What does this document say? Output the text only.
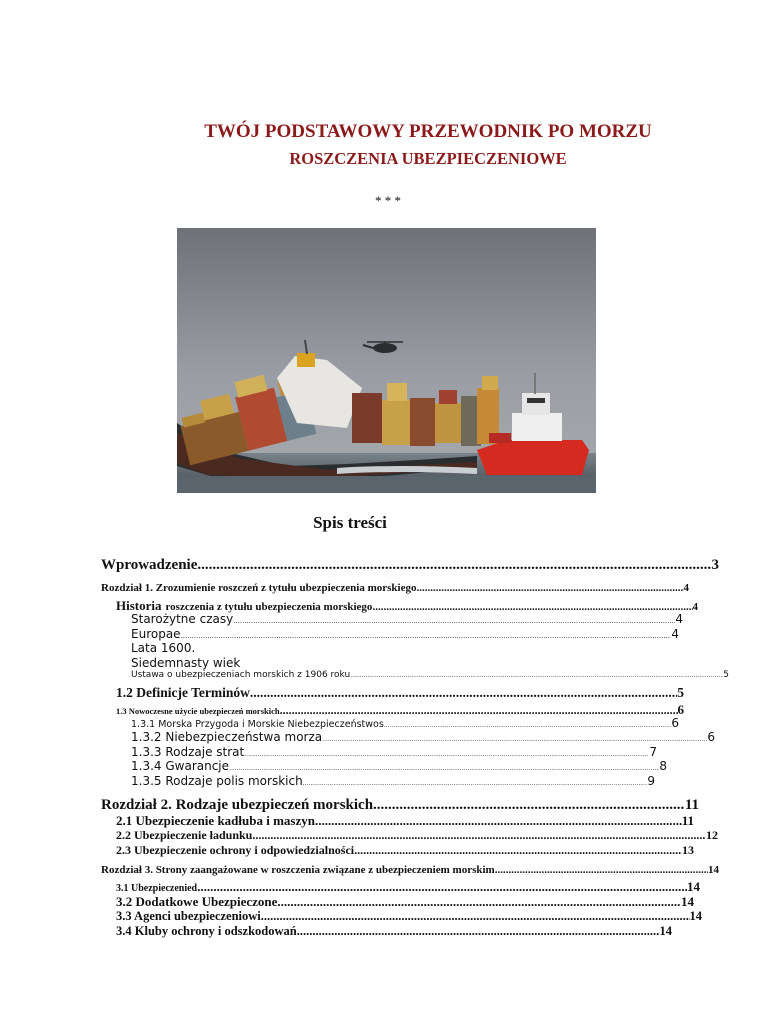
TWÓJ PODSTAWOWY PRZEWODNIK PO MORZU
ROSZCZENIA UBEZPIECZENIOWE
* * *
Spis treści
Wprowadzenie .....	3
Rozdział 1. Zrozumienie roszczeń z tytułu ubezpieczenia morskiego .....	4
Historia roszczenia z tytułu ubezpieczenia morskiego .....	4
Starożytne czasy .....	4
Europae .....	4
Lata 1600.
Siedemnasty wiek
Ustawa o ubezpieczeniach morskich z 1906 roku .....	5
1.2 Definicje Terminów .....	5
1.3 Nowoczesne użycie ubezpieczeń morskich .....	6
1.3.1 Morska Przygoda i Morskie Niebezpieczeństwos .....	6
1.3.2 Niebezpieczeństwa morza .....	6
1.3.3 Rodzaje strat .....	7
1.3.4 Gwarancje .....	8
1.3.5 Rodzaje polis morskich .....	9
Rozdział 2. Rodzaje ubezpieczeń morskich .....	11
2.1 Ubezpieczenie kadłuba i maszyn .....	11
2.2 Ubezpieczenie ładunku .....	12
2.3 Ubezpieczenie ochrony i odpowiedzialności .....	13
Rozdział 3. Strony zaangażowane w roszczenia związane z ubezpieczeniem morskim .....	14
3.1 Ubezpieczenied .....	14
3.2 Dodatkowe Ubezpieczone .....	14
3.3 Agenci ubezpieczeniowi .....	14
3.4 Kluby ochrony i odszkodowań .....	14
